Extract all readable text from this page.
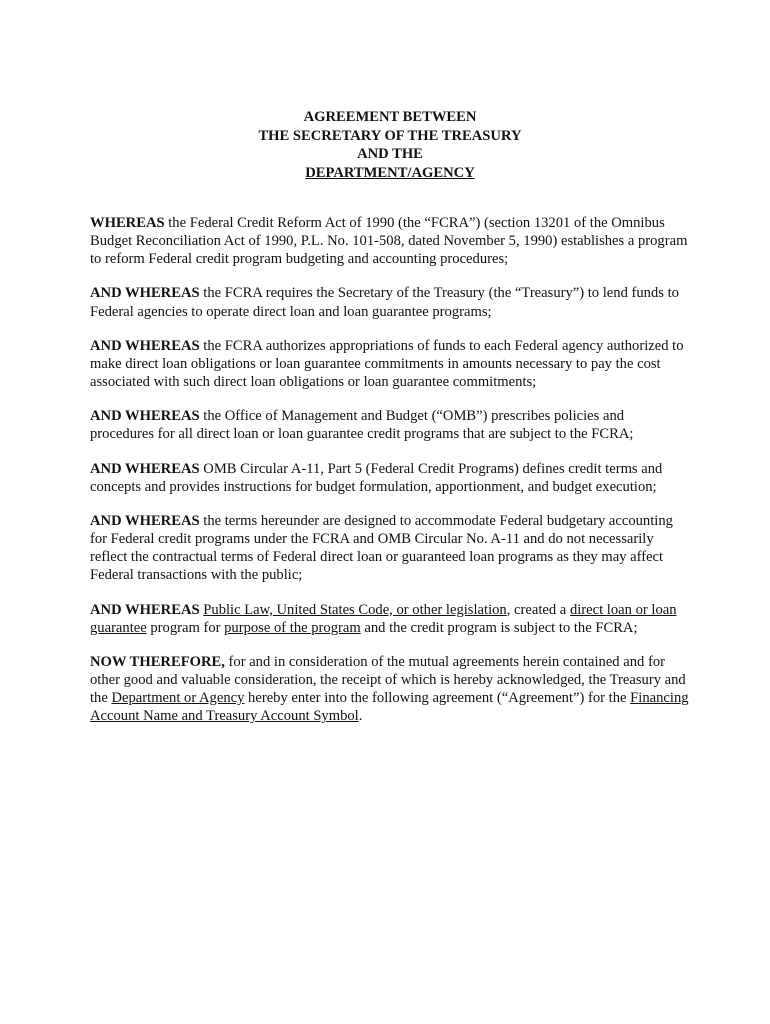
AGREEMENT BETWEEN
THE SECRETARY OF THE TREASURY
AND THE
DEPARTMENT/AGENCY

WHEREAS the Federal Credit Reform Act of 1990 (the “FCRA”) (section 13201 of the Omnibus Budget Reconciliation Act of 1990, P.L. No. 101-508, dated November 5, 1990) establishes a program to reform Federal credit program budgeting and accounting procedures;

AND WHEREAS the FCRA requires the Secretary of the Treasury (the “Treasury”) to lend funds to Federal agencies to operate direct loan and loan guarantee programs;

AND WHEREAS the FCRA authorizes appropriations of funds to each Federal agency authorized to make direct loan obligations or loan guarantee commitments in amounts necessary to pay the cost associated with such direct loan obligations or loan guarantee commitments;

AND WHEREAS the Office of Management and Budget (“OMB”) prescribes policies and procedures for all direct loan or loan guarantee credit programs that are subject to the FCRA;

AND WHEREAS OMB Circular A-11, Part 5 (Federal Credit Programs) defines credit terms and concepts and provides instructions for budget formulation, apportionment, and budget execution;

AND WHEREAS the terms hereunder are designed to accommodate Federal budgetary accounting for Federal credit programs under the FCRA and OMB Circular No. A-11 and do not necessarily reflect the contractual terms of Federal direct loan or guaranteed loan programs as they may affect Federal transactions with the public;

AND WHEREAS Public Law, United States Code, or other legislation, created a direct loan or loan guarantee program for purpose of the program and the credit program is subject to the FCRA;

NOW THEREFORE, for and in consideration of the mutual agreements herein contained and for other good and valuable consideration, the receipt of which is hereby acknowledged, the Treasury and the Department or Agency hereby enter into the following agreement (“Agreement”) for the Financing Account Name and Treasury Account Symbol.
